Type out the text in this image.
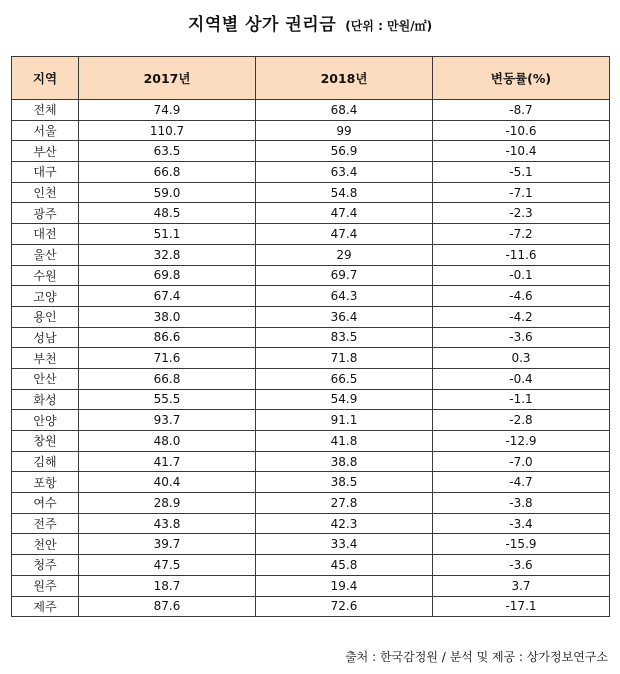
지역별 상가 권리금 (단위 : 만원/㎡)
지역	2017년	2018년	변동률(%)
전체	74.9	68.4	-8.7
서울	110.7	99	-10.6
부산	63.5	56.9	-10.4
대구	66.8	63.4	-5.1
인천	59.0	54.8	-7.1
광주	48.5	47.4	-2.3
대전	51.1	47.4	-7.2
울산	32.8	29	-11.6
수원	69.8	69.7	-0.1
고양	67.4	64.3	-4.6
용인	38.0	36.4	-4.2
성남	86.6	83.5	-3.6
부천	71.6	71.8	0.3
안산	66.8	66.5	-0.4
화성	55.5	54.9	-1.1
안양	93.7	91.1	-2.8
창원	48.0	41.8	-12.9
김해	41.7	38.8	-7.0
포항	40.4	38.5	-4.7
여수	28.9	27.8	-3.8
전주	43.8	42.3	-3.4
천안	39.7	33.4	-15.9
청주	47.5	45.8	-3.6
원주	18.7	19.4	3.7
제주	87.6	72.6	-17.1
출처 : 한국감정원 / 분석 및 제공 : 상가정보연구소
